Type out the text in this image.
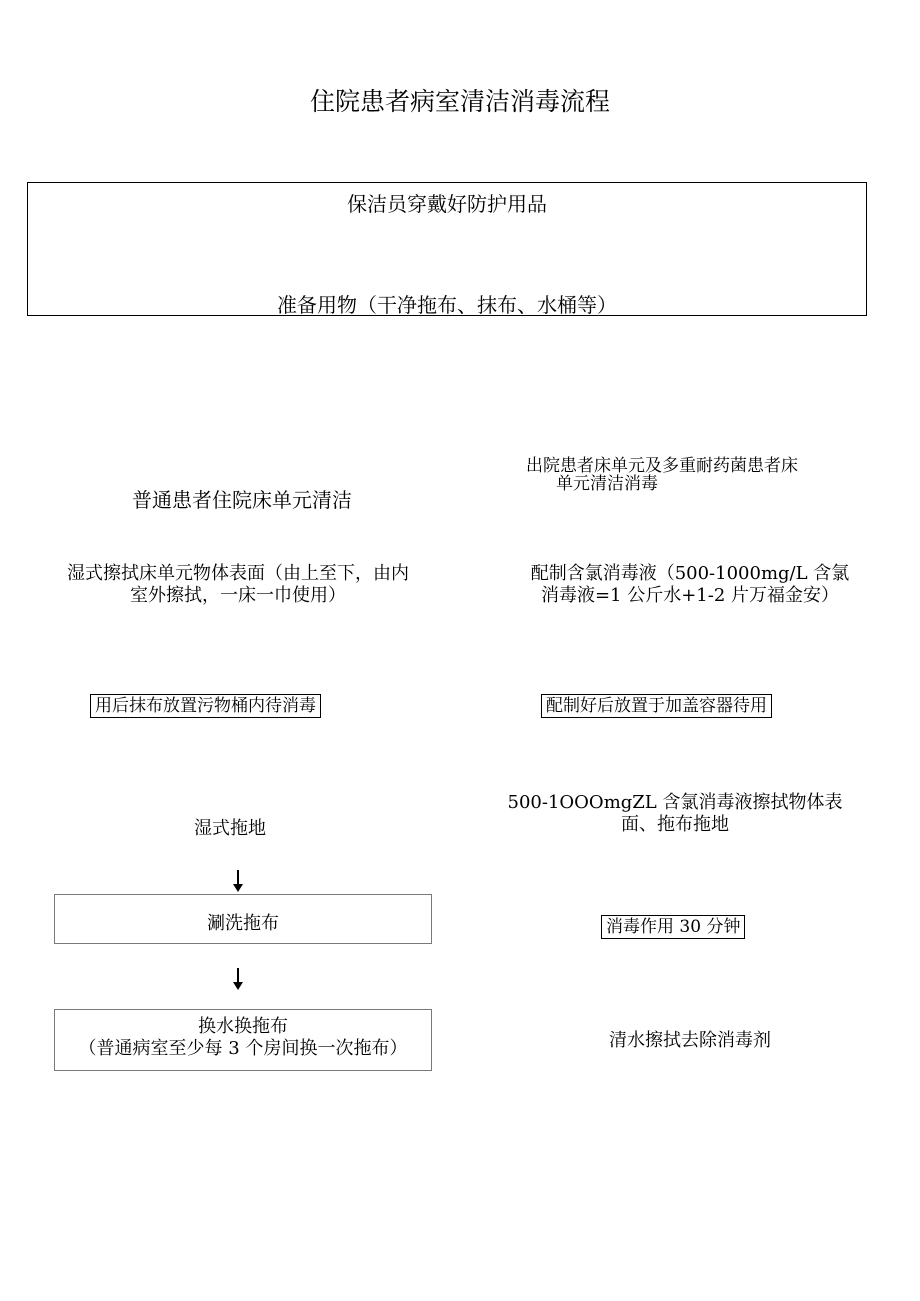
住院患者病室清洁消毒流程
保洁员穿戴好防护用品
准备用物（干净拖布、抹布、水桶等）
普通患者住院床单元清洁
湿式擦拭床单元物体表面（由上至下，由内
室外擦拭，一床一巾使用）
用后抹布放置污物桶内待消毒
湿式拖地
涮洗拖布
换水换拖布
（普通病室至少每 3 个房间换一次拖布）
出院患者床单元及多重耐药菌患者床
单元清洁消毒
配制含氯消毒液（500-1000mg/L 含氯
消毒液=1 公斤水+1-2 片万福金安）
配制好后放置于加盖容器待用
500-1OOOmgZL 含氯消毒液擦拭物体表
面、拖布拖地
消毒作用 30 分钟
清水擦拭去除消毒剂
